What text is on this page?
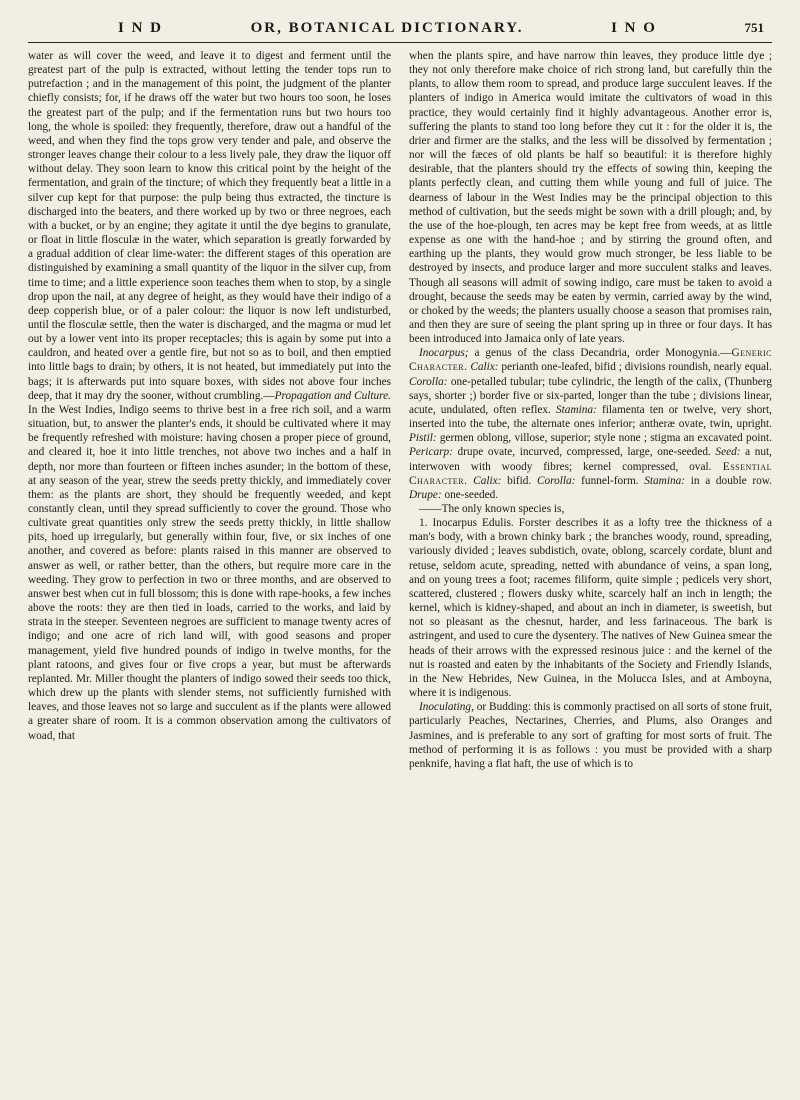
I N D	OR, BOTANICAL DICTIONARY.	I N O	751

water as will cover the weed, and leave it to digest and ferment until the greatest part of the pulp is extracted, without letting the tender tops run to putrefaction ; and in the management of this point, the judgment of the planter chiefly consists; for, if he draws off the water but two hours too soon, he loses the greatest part of the pulp; and if the fermentation runs but two hours too long, the whole is spoiled: they frequently, therefore, draw out a handful of the weed, and when they find the tops grow very tender and pale, and observe the stronger leaves change their colour to a less lively pale, they draw the liquor off without delay. They soon learn to know this critical point by the height of the fermentation, and grain of the tincture; of which they frequently beat a little in a silver cup kept for that purpose: the pulp being thus extracted, the tincture is discharged into the beaters, and there worked up by two or three negroes, each with a bucket, or by an engine; they agitate it until the dye begins to granulate, or float in little flosculæ in the water, which separation is greatly forwarded by a gradual addition of clear lime-water: the different stages of this operation are distinguished by examining a small quantity of the liquor in the silver cup, from time to time; and a little experience soon teaches them when to stop, by a single drop upon the nail, at any degree of height, as they would have their indigo of a deep copperish blue, or of a paler colour: the liquor is now left undisturbed, until the flosculæ settle, then the water is discharged, and the magma or mud let out by a lower vent into its proper receptacles; this is again by some put into a cauldron, and heated over a gentle fire, but not so as to boil, and then emptied into little bags to drain; by others, it is not heated, but immediately put into the bags; it is afterwards put into square boxes, with sides not above four inches deep, that it may dry the sooner, without crumbling.—Propagation and Culture. In the West Indies, Indigo seems to thrive best in a free rich soil, and a warm situation, but, to answer the planter's ends, it should be cultivated where it may be frequently refreshed with moisture: having chosen a proper piece of ground, and cleared it, hoe it into little trenches, not above two inches and a half in depth, nor more than fourteen or fifteen inches asunder; in the bottom of these, at any season of the year, strew the seeds pretty thickly, and immediately cover them: as the plants are short, they should be frequently weeded, and kept constantly clean, until they spread sufficiently to cover the ground. Those who cultivate great quantities only strew the seeds pretty thickly, in little shallow pits, hoed up irregularly, but generally within four, five, or six inches of one another, and covered as before: plants raised in this manner are observed to answer as well, or rather better, than the others, but require more care in the weeding. They grow to perfection in two or three months, and are observed to answer best when cut in full blossom; this is done with rape-hooks, a few inches above the roots: they are then tied in loads, carried to the works, and laid by strata in the steeper. Seventeen negroes are sufficient to manage twenty acres of indigo; and one acre of rich land will, with good seasons and proper management, yield five hundred pounds of indigo in twelve months, for the plant ratoons, and gives four or five crops a year, but must be afterwards replanted. Mr. Miller thought the planters of indigo sowed their seeds too thick, which drew up the plants with slender stems, not sufficiently furnished with leaves, and those leaves not so large and succulent as if the plants were allowed a greater share of room. It is a common observation among the cultivators of woad, that

when the plants spire, and have narrow thin leaves, they produce little dye ; they not only therefore make choice of rich strong land, but carefully thin the plants, to allow them room to spread, and produce large succulent leaves. If the planters of indigo in America would imitate the cultivators of woad in this practice, they would certainly find it highly advantageous. Another error is, suffering the plants to stand too long before they cut it : for the older it is, the drier and firmer are the stalks, and the less will be dissolved by fermentation ; nor will the fæces of old plants be half so beautiful: it is therefore highly desirable, that the planters should try the effects of sowing thin, keeping the plants perfectly clean, and cutting them while young and full of juice. The dearness of labour in the West Indies may be the principal objection to this method of cultivation, but the seeds might be sown with a drill plough; and, by the use of the hoe-plough, ten acres may be kept free from weeds, at as little expense as one with the hand-hoe ; and by stirring the ground often, and earthing up the plants, they would grow much stronger, be less liable to be destroyed by insects, and produce larger and more succulent stalks and leaves. Though all seasons will admit of sowing indigo, care must be taken to avoid a drought, because the seeds may be eaten by vermin, carried away by the wind, or choked by the weeds; the planters usually choose a season that promises rain, and then they are sure of seeing the plant spring up in three or four days. It has been introduced into Jamaica only of late years.

Inocarpus; a genus of the class Decandria, order Monogynia.—Generic Character. Calix: perianth one-leafed, bifid ; divisions roundish, nearly equal. Corolla: one-petalled tubular; tube cylindric, the length of the calix, (Thunberg says, shorter ;) border five or six-parted, longer than the tube ; divisions linear, acute, undulated, often reflex. Stamina: filamenta ten or twelve, very short, inserted into the tube, the alternate ones inferior; antheræ ovate, twin, upright. Pistil: germen oblong, villose, superior; style none ; stigma an excavated point. Pericarp: drupe ovate, incurved, compressed, large, one-seeded. Seed: a nut, interwoven with woody fibres; kernel compressed, oval. Essential Character. Calix: bifid. Corolla: funnel-form. Stamina: in a double row. Drupe: one-seeded.

——The only known species is,

1. Inocarpus Edulis. Forster describes it as a lofty tree the thickness of a man's body, with a brown chinky bark ; the branches woody, round, spreading, variously divided ; leaves subdistich, ovate, oblong, scarcely cordate, blunt and retuse, seldom acute, spreading, netted with abundance of veins, a span long, and on young trees a foot; racemes filiform, quite simple ; pedicels very short, scattered, clustered ; flowers dusky white, scarcely half an inch in length; the kernel, which is kidney-shaped, and about an inch in diameter, is sweetish, but not so pleasant as the chesnut, harder, and less farinaceous. The bark is astringent, and used to cure the dysentery. The natives of New Guinea smear the heads of their arrows with the expressed resinous juice : and the kernel of the nut is roasted and eaten by the inhabitants of the Society and Friendly Islands, in the New Hebrides, New Guinea, in the Molucca Isles, and at Amboyna, where it is indigenous.

Inoculating, or Budding: this is commonly practised on all sorts of stone fruit, particularly Peaches, Nectarines, Cherries, and Plums, also Oranges and Jasmines, and is preferable to any sort of grafting for most sorts of fruit. The method of performing it is as follows : you must be provided with a sharp penknife, having a flat haft, the use of which is to
